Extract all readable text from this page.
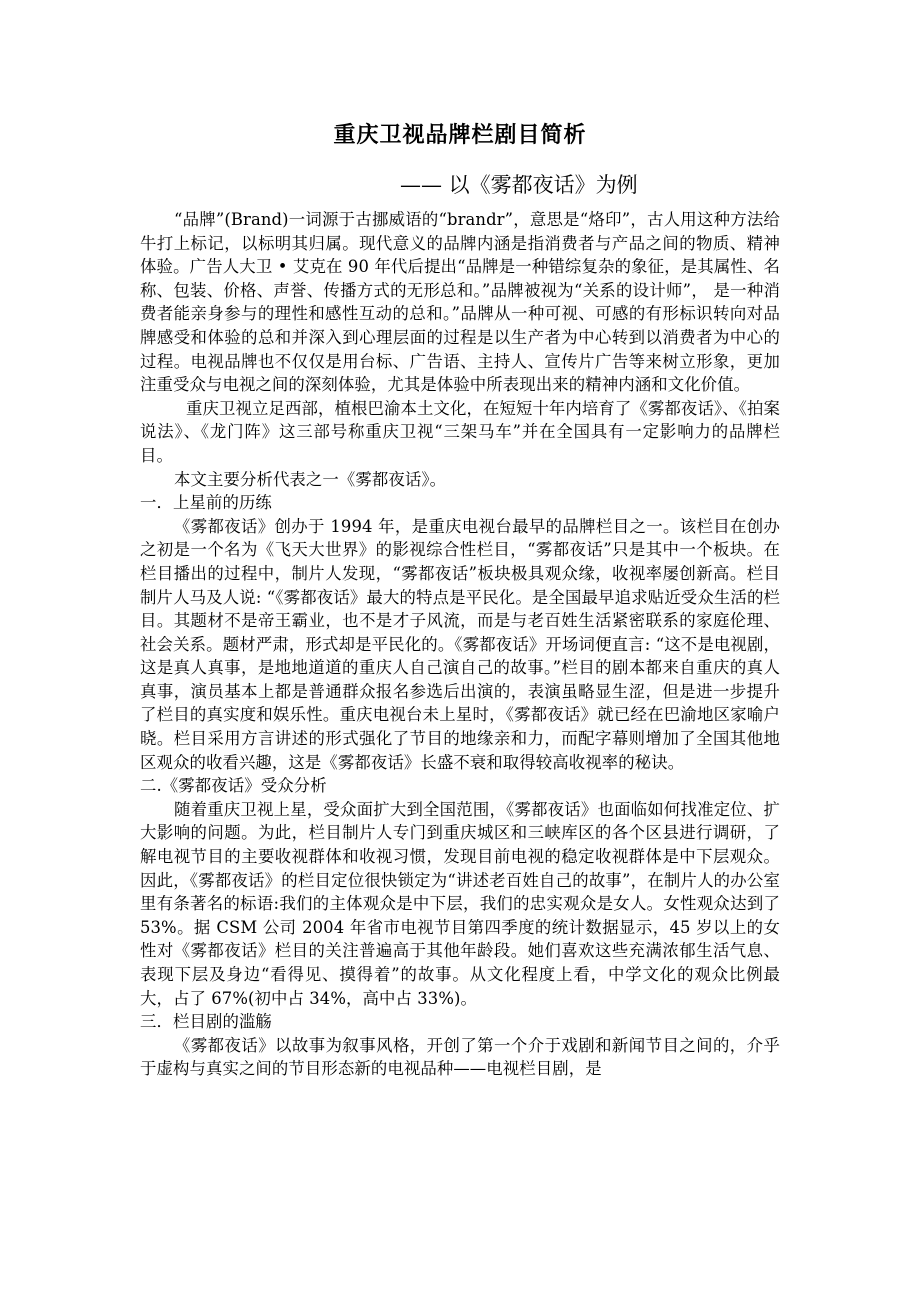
重庆卫视品牌栏剧目简析
—— 以《雾都夜话》为例

“品牌”(Brand)一词源于古挪威语的“brandr”，意思是“烙印”，古人用这种方法给牛打上标记，以标明其归属。现代意义的品牌内涵是指消费者与产品之间的物质、精神体验。广告人大卫 • 艾克在 90 年代后提出“品牌是一种错综复杂的象征，是其属性、名称、包装、价格、声誉、传播方式的无形总和。”品牌被视为“关系的设计师”， 是一种消费者能亲身参与的理性和感性互动的总和。”品牌从一种可视、可感的有形标识转向对品牌感受和体验的总和并深入到心理层面的过程是以生产者为中心转到以消费者为中心的过程。电视品牌也不仅仅是用台标、广告语、主持人、宣传片广告等来树立形象，更加注重受众与电视之间的深刻体验，尤其是体验中所表现出来的精神内涵和文化价值。

重庆卫视立足西部，植根巴渝本土文化，在短短十年内培育了《雾都夜话》、《拍案说法》、《龙门阵》这三部号称重庆卫视“三架马车”并在全国具有一定影响力的品牌栏目。

本文主要分析代表之一《雾都夜话》。

一．上星前的历练

《雾都夜话》创办于 1994 年，是重庆电视台最早的品牌栏目之一。该栏目在创办之初是一个名为《飞天大世界》的影视综合性栏目，“雾都夜话”只是其中一个板块。在栏目播出的过程中，制片人发现，“雾都夜话”板块极具观众缘，收视率屡创新高。栏目制片人马及人说: “《雾都夜话》最大的特点是平民化。是全国最早追求贴近受众生活的栏目。其题材不是帝王霸业，也不是才子风流，而是与老百姓生活紧密联系的家庭伦理、社会关系。题材严肃，形式却是平民化的。《雾都夜话》开场词便直言: “这不是电视剧，这是真人真事，是地地道道的重庆人自己演自己的故事。”栏目的剧本都来自重庆的真人真事，演员基本上都是普通群众报名参选后出演的，表演虽略显生涩，但是进一步提升了栏目的真实度和娱乐性。重庆电视台未上星时，《雾都夜话》就已经在巴渝地区家喻户晓。栏目采用方言讲述的形式强化了节目的地缘亲和力，而配字幕则增加了全国其他地区观众的收看兴趣，这是《雾都夜话》长盛不衰和取得较高收视率的秘诀。

二.《雾都夜话》受众分析

随着重庆卫视上星，受众面扩大到全国范围，《雾都夜话》也面临如何找准定位、扩大影响的问题。为此，栏目制片人专门到重庆城区和三峡库区的各个区县进行调研，了解电视节目的主要收视群体和收视习惯，发现目前电视的稳定收视群体是中下层观众。因此，《雾都夜话》的栏目定位很快锁定为“讲述老百姓自己的故事”，在制片人的办公室里有条著名的标语:我们的主体观众是中下层，我们的忠实观众是女人。女性观众达到了 53%。据 CSM 公司 2004 年省市电视节目第四季度的统计数据显示，45 岁以上的女性对《雾都夜话》栏目的关注普遍高于其他年龄段。她们喜欢这些充满浓郁生活气息、表现下层及身边“看得见、摸得着”的故事。从文化程度上看，中学文化的观众比例最大，占了 67%(初中占 34%，高中占 33%)。

三．栏目剧的滥觞

《雾都夜话》以故事为叙事风格，开创了第一个介于戏剧和新闻节目之间的，介乎于虚构与真实之间的节目形态新的电视品种——电视栏目剧，是
